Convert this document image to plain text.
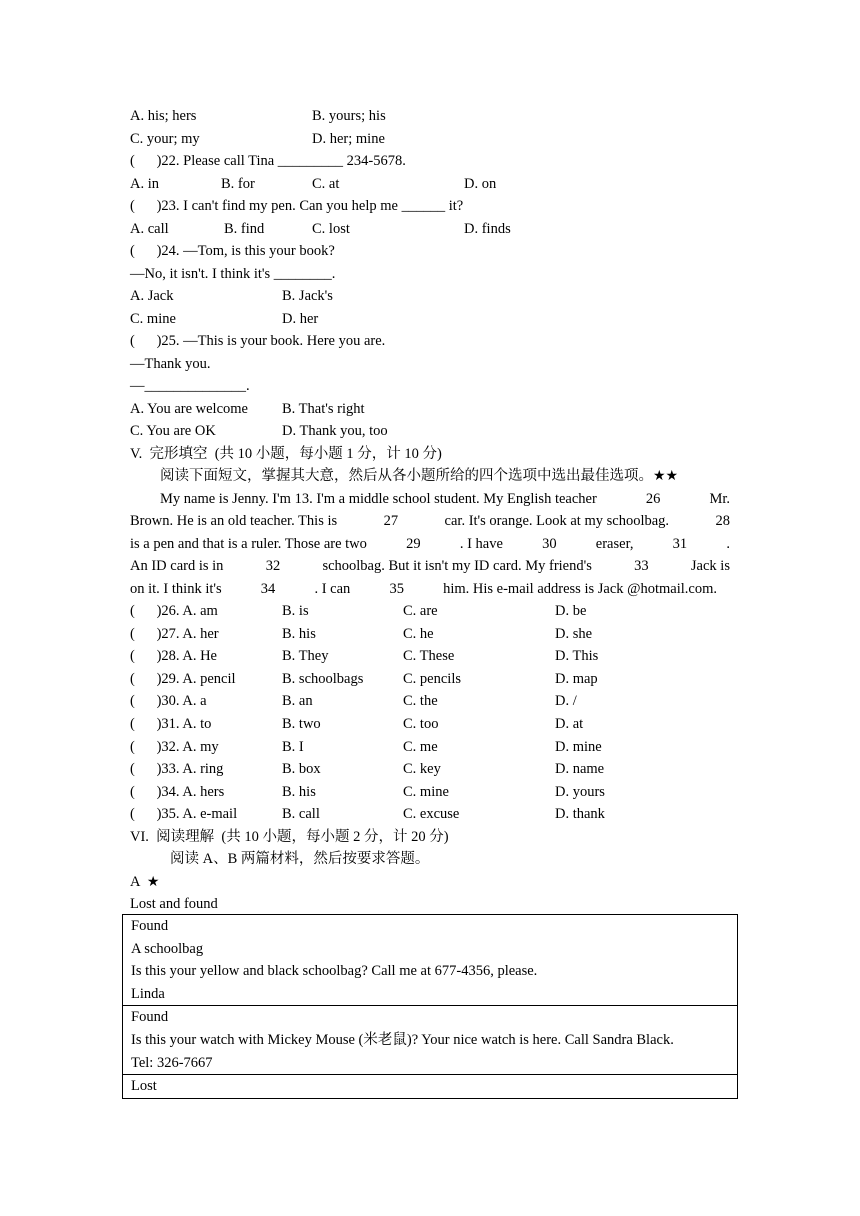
A. his; hers	B. yours; his
C. your; my	D. her; mine
(      )22. Please call Tina _________ 234-5678.
A. in	B. for	C. at	D. on
(      )23. I can't find my pen. Can you help me ______ it?
A. call	B. find	C. lost	D. finds
(      )24. —Tom, is this your book?
—No, it isn't. I think it's ________.
A. Jack	B. Jack's
C. mine	D. her
(      )25. —This is your book. Here you are.
—Thank you.
—______________.
A. You are welcome B. That's right
C. You are OK	D. Thank you, too
V.  完形填空  (共 10 小题，每小题 1 分，计 10 分)
阅读下面短文，掌握其大意，然后从各小题所给的四个选项中选出最佳选项。★★
My name is Jenny. I'm 13. I'm a middle school student. My English teacher	26	Mr.
Brown. He is an old teacher. This is	27	car. It's orange. Look at my schoolbag.	28
is a pen and that is a ruler. Those are two	29	. I have	30	eraser,	31	.
An ID card is in	32	schoolbag. But it isn't my ID card. My friend's	33	Jack is
on it. I think it's	34	. I can	35	him. His e-mail address is Jack @hotmail.com.
(      )26. A. am	B. is	C. are	D. be
(      )27. A. her	B. his	C. he	D. she
(      )28. A. He	B. They	C. These	D. This
(      )29. A. pencil	B. schoolbags	C. pencils	D. map
(      )30. A. a	B. an	C. the	D. /
(      )31. A. to	B. two	C. too	D. at
(      )32. A. my	B. I	C. me	D. mine
(      )33. A. ring	B. box	C. key	D. name
(      )34. A. hers	B. his	C. mine	D. yours
(      )35. A. e-mail	B. call	C. excuse	D. thank
VI.  阅读理解  (共 10 小题，每小题 2 分，计 20 分)
阅读 A、B 两篇材料，然后按要求答题。
A ★
Lost and found
Found
A schoolbag
Is this your yellow and black schoolbag? Call me at 677-4356, please.
Linda

Found
Is this your watch with Mickey Mouse (米老鼠)? Your nice watch is here. Call Sandra Black.
Tel: 326-7667

Lost
